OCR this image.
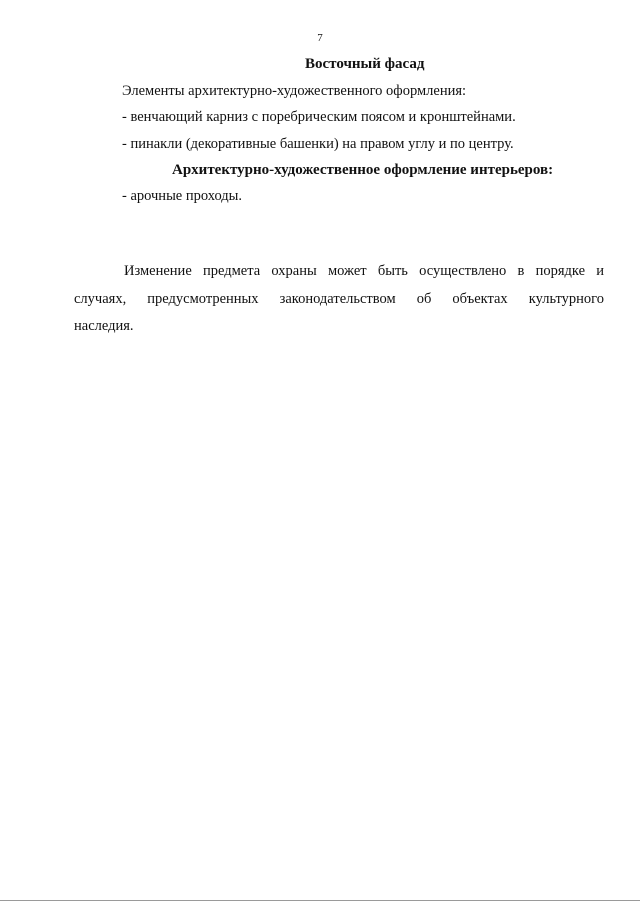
7
Восточный фасад
Элементы архитектурно-художественного оформления:
- венчающий карниз с поребрическим поясом и кронштейнами.
- пинакли (декоративные башенки) на правом углу и по центру.
Архитектурно-художественное оформление интерьеров:
- арочные проходы.
Изменение предмета охраны может быть осуществлено в порядке и
случаях, предусмотренных законодательством об объектах культурного
наследия.
